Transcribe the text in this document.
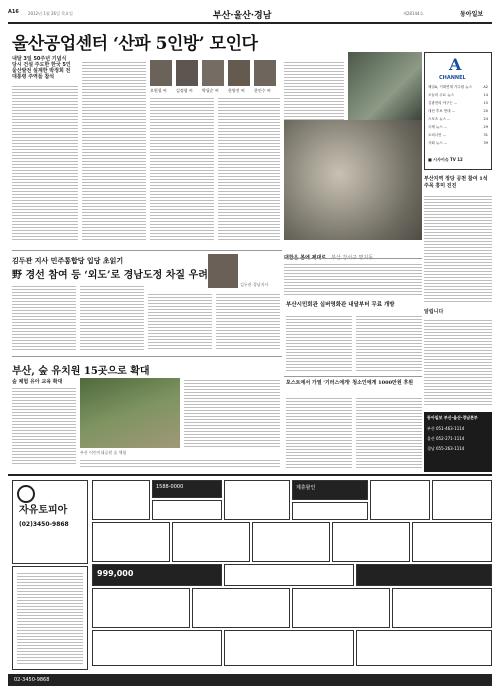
A16 2012년 1월 26일 목요일	부산·울산·경남	제28144호	동아일보
울산공업센터 ‘산파 5인방’ 모인다
내달 3일 50주년 기념식
당시 건설 주도한 한국 5인
울산발전 설계한 박정희 전
대통령 주역들 참석
오원철 씨 김정렴 씨 박필순 씨 한양진 씨 한인수 씨
A
CHANNEL
채널A, 기획연재 가수원 뉴스	A2
오늘의 주요 뉴스	14
김광현의 야구는 ...	15
대선 후보 연대 ...	20
스포츠 뉴스 ...	24
국제 뉴스 ...	29
오피니언 ...	31
사회 뉴스 ...	39
■ 시사이슈 TV 12
부산지역 정당 공천 참여 1석 주목 흥미 진진
알립니다
동아일보 부산·울산·경남본부
부산 051-463-1114
울산 052-271-1114
경남 055-263-1114
김두관 지사 민주통합당 입당 초읽기
野 경선 참여 등 ‘외도’로 경남도정 차질 우려
김두관 경남지사
부산시민회관 실버영화관 내달부터 무료 개방
부산, 숲 유치원 15곳으로 확대
숲 체험 유아 교육 확대
부산 어린이대공원 숲 체험
포스트에서 가열 '기러스에게' 청소인에게 1000만원 후원
자유토피아
(02)3450-9868
1588-0000	제휴할인
999,000
02-3450-9868
